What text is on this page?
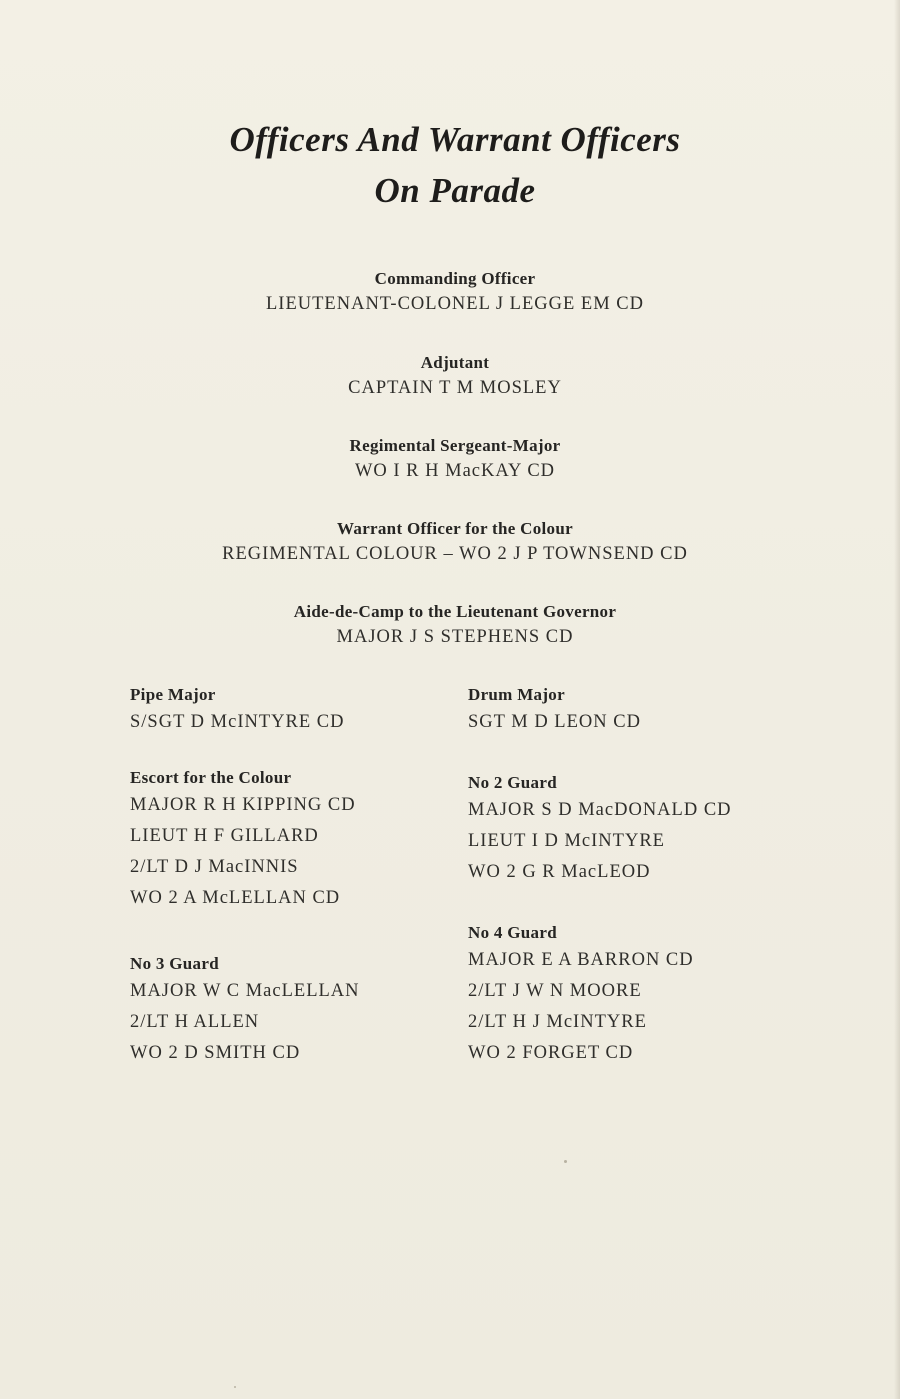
Officers And Warrant Officers
On Parade
Commanding Officer
LIEUTENANT-COLONEL J LEGGE EM CD
Adjutant
CAPTAIN T M MOSLEY
Regimental Sergeant-Major
WO I R H MacKAY CD
Warrant Officer for the Colour
REGIMENTAL COLOUR – WO 2 J P TOWNSEND CD
Aide-de-Camp to the Lieutenant Governor
MAJOR J S STEPHENS CD
Pipe Major
S/SGT D McINTYRE CD
Escort for the Colour
MAJOR R H KIPPING CD
LIEUT H F GILLARD
2/LT D J MacINNIS
WO 2 A McLELLAN CD
No 3 Guard
MAJOR W C MacLELLAN
2/LT H ALLEN
WO 2 D SMITH CD
Drum Major
SGT M D LEON CD
No 2 Guard
MAJOR S D MacDONALD CD
LIEUT I D McINTYRE
WO 2 G R MacLEOD
No 4 Guard
MAJOR E A BARRON CD
2/LT J W N MOORE
2/LT H J McINTYRE
WO 2 FORGET CD
